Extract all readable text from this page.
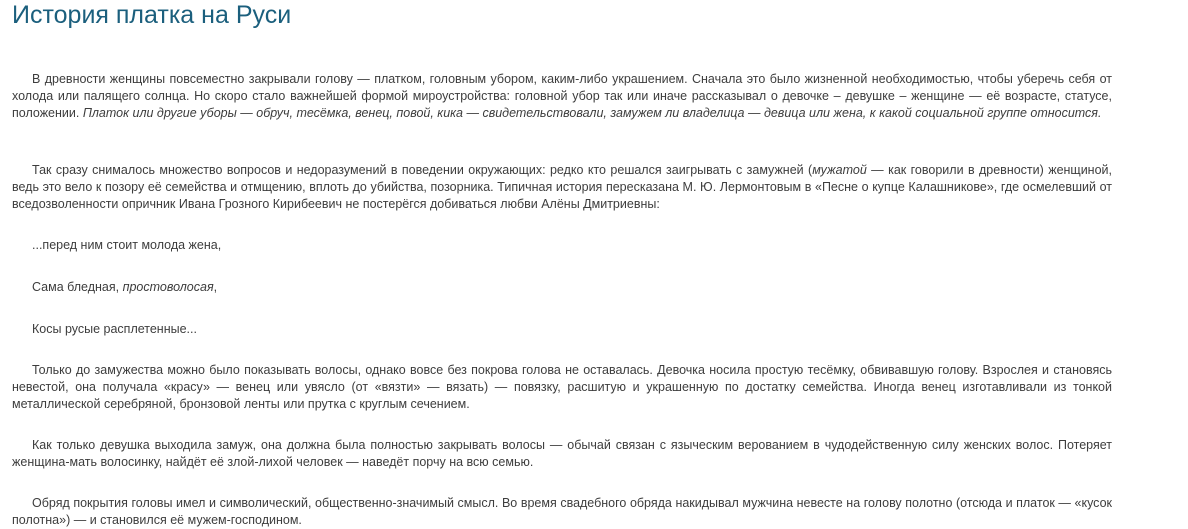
История платка на Руси

В древности женщины повсеместно закрывали голову — платком, головным убором, каким-либо украшением. Сначала это было жизненной необходимостью, чтобы уберечь себя от холода или палящего солнца. Но скоро стало важнейшей формой мироустройства: головной убор так или иначе рассказывал о девочке – девушке – женщине — её возрасте, статусе, положении. Платок или другие уборы — обруч, тесёмка, венец, повой, кика — свидетельствовали, замужем ли владелица — девица или жена, к какой социальной группе относится.

Так сразу снималось множество вопросов и недоразумений в поведении окружающих: редко кто решался заигрывать с замужней (мужатой — как говорили в древности) женщиной, ведь это вело к позору её семейства и отмщению, вплоть до убийства, позорника. Типичная история пересказана М. Ю. Лермонтовым в «Песне о купце Калашникове», где осмелевший от вседозволенности опричник Ивана Грозного Кирибеевич не постерёгся добиваться любви Алёны Дмитриевны:

...перед ним стоит молода жена,

Сама бледная, простоволосая,

Косы русые расплетенные...

Только до замужества можно было показывать волосы, однако вовсе без покрова голова не оставалась. Девочка носила простую тесёмку, обвивавшую голову. Взрослея и становясь невестой, она получала «красу» — венец или увясло (от «вязти» — вязать) — повязку, расшитую и украшенную по достатку семейства. Иногда венец изготавливали из тонкой металлической серебряной, бронзовой ленты или прутка с круглым сечением.

Как только девушка выходила замуж, она должна была полностью закрывать волосы — обычай связан с языческим верованием в чудодейственную силу женских волос. Потеряет женщина-мать волосинку, найдёт её злой-лихой человек — наведёт порчу на всю семью.

Обряд покрытия головы имел и символический, общественно-значимый смысл. Во время свадебного обряда накидывал мужчина невесте на голову полотно (отсюда и платок — «кусок полотна») — и становился её мужем-господином.
